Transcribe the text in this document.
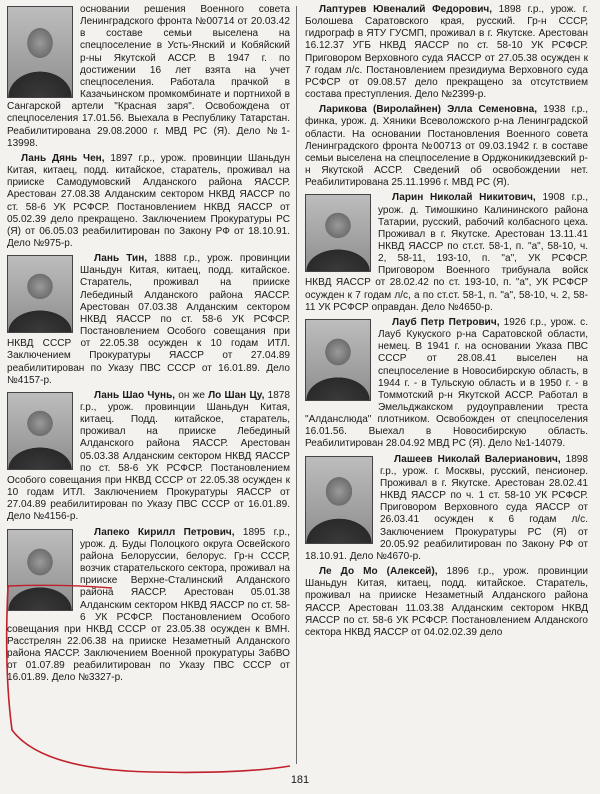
основании решения Военного совета Ленинградского фронта №00714 от 20.03.42 в составе семьи выселена на спецпоселение в Усть-Янский и Кобяйский р-ны Якутской АССР. В 1947 г. по достижении 16 лет взята на учет спецпоселения. Работала прачкой в Казачьинском промкомбинате и портнихой в Сангарской артели "Красная заря". Освобождена от спецпоселения 17.01.56. Выехала в Республику Татарстан. Реабилитирована 29.08.2000 г. МВД РС (Я). Дело №1-13998.

Лань Дянь Чен, 1897 г.р., урож. провинции Шаньдун Китая, китаец, подд. китайское, старатель, проживал на прииске Самодумовский Алданского района ЯАССР. Арестован 27.08.38 Алданским сектором НКВД ЯАССР по ст. 58-6 УК РСФСР. Постановлением НКВД ЯАССР от 05.02.39 дело прекращено. Заключением Прокуратуры РС (Я) от 06.05.03 реабилитирован по Закону РФ от 18.10.91. Дело №975-р.

Лань Тин, 1888 г.р., урож. провинции Шаньдун Китая, китаец, подд. китайское. Старатель, проживал на прииске Лебединый Алданского района ЯАССР. Арестован 07.03.38 Алданским сектором НКВД ЯАССР по ст. 58-6 УК РСФСР. Постановлением Особого совещания при НКВД СССР от 22.05.38 осужден к 10 годам ИТЛ. Заключением Прокуратуры ЯАССР от 27.04.89 реабилитирован по Указу ПВС СССР от 16.01.89. Дело №4157-р.

Лань Шао Чунь, он же Ло Шан Цу, 1878 г.р., урож. провинции Шаньдун Китая, китаец. Подд. китайское, старатель, проживал на прииске Лебединый Алданского района ЯАССР. Арестован 05.03.38 Алданским сектором НКВД ЯАССР по ст. 58-6 УК РСФСР. Постановлением Особого совещания при НКВД СССР от 22.05.38 осужден к 10 годам ИТЛ. Заключением Прокуратуры ЯАССР от 27.04.89 реабилитирован по Указу ПВС СССР от 16.01.89. Дело №4156-р.

Лапеко Кирилл Петрович, 1895 г.р., урож. д. Буды Полоцкого округа Освейского района Белоруссии, белорус. Гр-н СССР, возчик старательского сектора, проживал на прииске Верхне-Сталинский Алданского района ЯАССР. Арестован 05.01.38 Алданским сектором НКВД ЯАССР по ст. 58-6 УК РСФСР. Постановлением Особого совещания при НКВД СССР от 23.05.38 осужден к ВМН. Расстрелян 22.06.38 на прииске Незаметный Алданского района ЯАССР. Заключением Военной прокуратуры ЗабВО от 01.07.89 реабилитирован по Указу ПВС СССР от 16.01.89. Дело №3327-р.

Лаптурев Ювеналий Федорович, 1898 г.р., урож. г. Болошева Саратовского края, русский. Гр-н СССР, гидрограф в ЯТУ ГУСМП, проживал в г. Якутске. Арестован 16.12.37 УГБ НКВД ЯАССР по ст. 58-10 УК РСФСР. Приговором Верховного суда ЯАССР от 27.05.38 осужден к 7 годам л/с. Постановлением президиума Верховного суда РСФСР от 09.08.57 дело прекращено за отсутствием состава преступления. Дело №2399-р.

Ларикова (Виролайнен) Элла Семеновна, 1938 г.р., финка, урож. д. Хяники Всеволожского р-на Ленинградской области. На основании Постановления Военного совета Ленинградского фронта №00713 от 09.03.1942 г. в составе семьи выселена на спецпоселение в Орджоникидзевский р-н Якутской АССР. Сведений об освобождении нет. Реабилитирована 25.11.1996 г. МВД РС (Я).

Ларин Николай Никитович, 1908 г.р., урож. д. Тимошкино Калининского района Татарии, русский, рабочий колбасного цеха. Проживал в г. Якутске. Арестован 13.11.41 НКВД ЯАССР по ст.ст. 58-1, п. "а", 58-10, ч. 2, 58-11, 193-10, п. "а", УК РСФСР. Приговором Военного трибунала войск НКВД ЯАССР от 28.02.42 по ст. 193-10, п. "а", УК РСФСР осужден к 7 годам л/с, а по ст.ст. 58-1, п. "а", 58-10, ч. 2, 58-11 УК РСФСР оправдан. Дело №4650-р.

Лауб Петр Петрович, 1926 г.р., урож. с. Лауб Кукуского р-на Саратовской области, немец. В 1941 г. на основании Указа ПВС СССР от 28.08.41 выселен на спецпоселение в Новосибирскую область, в 1944 г. - в Тульскую область и в 1950 г. - в Томмотский р-н Якутской АССР. Работал в Эмельджакском рудоуправлении треста "Алданслюда" плотником. Освобожден от спецпоселения 16.01.56. Выехал в Новосибирскую область. Реабилитирован 28.04.92 МВД РС (Я). Дело №1-14079.

Лашеев Николай Валерианович, 1898 г.р., урож. г. Москвы, русский, пенсионер. Проживал в г. Якутске. Арестован 28.02.41 НКВД ЯАССР по ч. 1 ст. 58-10 УК РСФСР. Приговором Верховного суда ЯАССР от 26.03.41 осужден к 6 годам л/с. Заключением Прокуратуры РС (Я) от 20.05.92 реабилитирован по Закону РФ от 18.10.91. Дело №4670-р.

Ле До Мо (Алексей), 1896 г.р., урож. провинции Шаньдун Китая, китаец, подд. китайское. Старатель, проживал на прииске Незаметный Алданского района ЯАССР. Арестован 11.03.38 Алданским сектором НКВД ЯАССР по ст. 58-6 УК РСФСР. Постановлением Алданского сектора НКВД ЯАССР от 04.02.02.39 дело

181
